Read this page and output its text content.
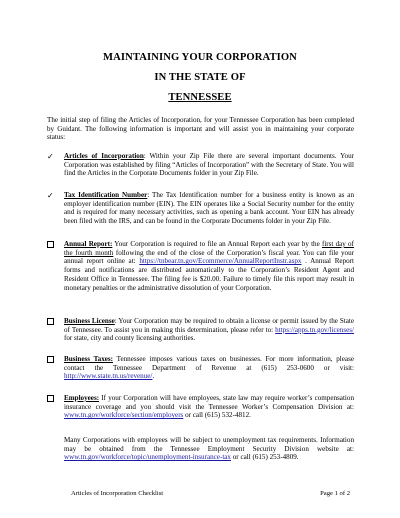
MAINTAINING YOUR CORPORATION
IN THE STATE OF
TENNESSEE
The initial step of filing the Articles of Incorporation, for your Tennessee Corporation has been completed by Guidant. The following information is important and will assist you in maintaining your corporate status:
✓	Articles of Incorporation: Within your Zip File there are several important documents. Your Corporation was established by filing “Articles of Incorporation” with the Secretary of State. You will find the Articles in the Corporate Documents folder in your Zip File.
✓	Tax Identification Number: The Tax Identification number for a business entity is known as an employer identification number (EIN). The EIN operates like a Social Security number for the entity and is required for many necessary activities, such as opening a bank account. Your EIN has already been filed with the IRS, and can be found in the Corporate Documents folder in your Zip File.
Annual Report: Your Corporation is required to file an Annual Report each year by the first day of the fourth month following the end of the close of the Corporation’s fiscal year. You can file your annual report online at: https://tnbear.tn.gov/Ecommerce/AnnualReportInstr.aspx . Annual Report forms and notifications are distributed automatically to the Corporation’s Resident Agent and Resident Office in Tennessee. The filing fee is $20.00. Failure to timely file this report may result in monetary penalties or the administrative dissolution of your Corporation.
Business License: Your Corporation may be required to obtain a license or permit issued by the State of Tennessee. To assist you in making this determination, please refer to: https://apps.tn.gov/licenses/ for state, city and county licensing authorities.
Business Taxes: Tennessee imposes various taxes on businesses. For more information, please contact the Tennessee Department of Revenue at (615) 253-0600 or visit: http://www.state.tn.us/revenue/.
Employees: If your Corporation will have employees, state law may require worker’s compensation insurance coverage and you should visit the Tennessee Worker’s Compensation Division at: www.tn.gov/workforce/section/employers or call (615) 532-4812.
Many Corporations with employees will be subject to unemployment tax requirements. Information may be obtained from the Tennessee Employment Security Division website at: www.tn.gov/workforce/topic/unemployment-insurance-tax or call (615) 253-4809.
Articles of Incorporation Checklist	Page 1 of 2
